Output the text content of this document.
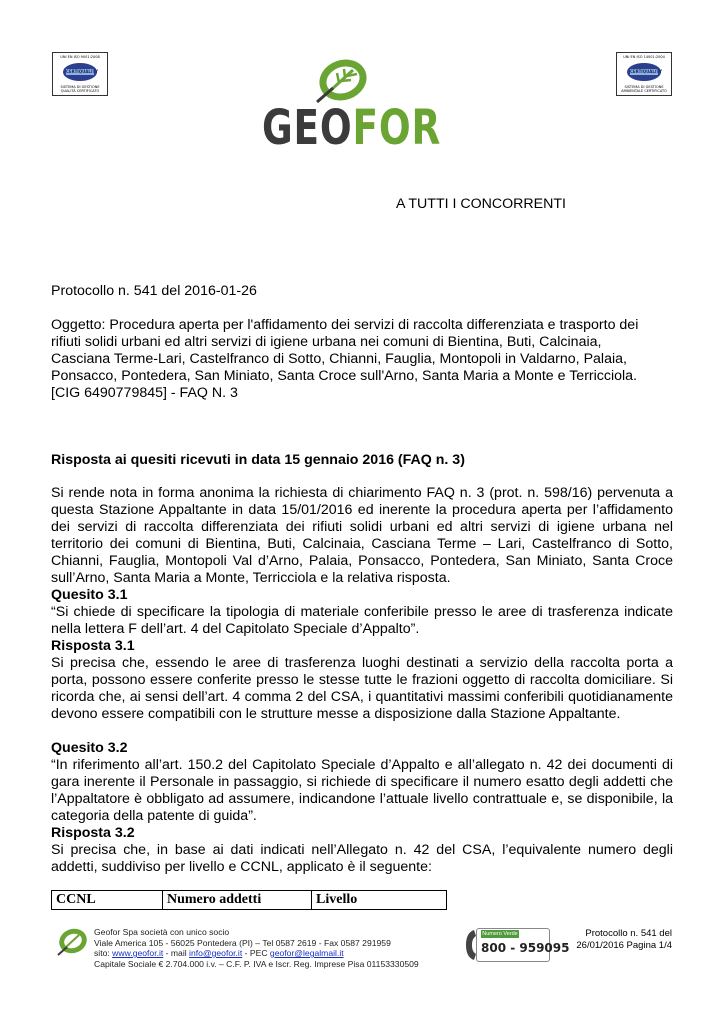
UNI EN ISO 9001:2008
CERTIQUALITY
SISTEMA DI GESTIONE QUALITÀ CERTIFICATO
UNI EN ISO 14001:2004
CERTIQUALITY
SISTEMA DI GESTIONE AMBIENTALE CERTIFICATO
GEOFOR
A TUTTI I CONCORRENTI
Protocollo n. 541 del 2016-01-26
Oggetto: Procedura aperta per l'affidamento dei servizi di raccolta differenziata e trasporto dei
rifiuti solidi urbani ed altri servizi di igiene urbana nei comuni di Bientina, Buti, Calcinaia,
Casciana Terme-Lari, Castelfranco di Sotto, Chianni, Fauglia, Montopoli in Valdarno, Palaia,
Ponsacco, Pontedera, San Miniato, Santa Croce sull'Arno, Santa Maria a Monte e Terricciola.
[CIG 6490779845] - FAQ N. 3
Risposta ai quesiti ricevuti in data 15 gennaio 2016 (FAQ n. 3)
Si rende nota in forma anonima la richiesta di chiarimento FAQ n. 3 (prot. n. 598/16) pervenuta a questa Stazione Appaltante in data 15/01/2016 ed inerente la procedura aperta per l’affidamento dei servizi di raccolta differenziata dei rifiuti solidi urbani ed altri servizi di igiene urbana nel territorio dei comuni di Bientina, Buti, Calcinaia, Casciana Terme – Lari, Castelfranco di Sotto, Chianni, Fauglia, Montopoli Val d’Arno, Palaia, Ponsacco, Pontedera, San Miniato, Santa Croce sull’Arno, Santa Maria a Monte, Terricciola e la relativa risposta.
Quesito 3.1
“Si chiede di specificare la tipologia di materiale conferibile presso le aree di trasferenza indicate nella lettera F dell’art. 4 del Capitolato Speciale d’Appalto”.
Risposta 3.1
Si precisa che, essendo le aree di trasferenza luoghi destinati a servizio della raccolta porta a porta, possono essere conferite presso le stesse tutte le frazioni oggetto di raccolta domiciliare. Si ricorda che, ai sensi dell’art. 4 comma 2 del CSA, i quantitativi massimi conferibili quotidianamente devono essere compatibili con le strutture messe a disposizione dalla Stazione Appaltante.
Quesito 3.2
“In riferimento all’art. 150.2 del Capitolato Speciale d’Appalto e all’allegato n. 42 dei documenti di gara inerente il Personale in passaggio, si richiede di specificare il numero esatto degli addetti che l’Appaltatore è obbligato ad assumere, indicandone l’attuale livello contrattuale e, se disponibile, la categoria della patente di guida”.
Risposta 3.2
Si precisa che, in base ai dati indicati nell’Allegato n. 42 del CSA, l’equivalente numero degli addetti, suddiviso per livello e CCNL, applicato è il seguente:
CCNL	Numero addetti	Livello
Geofor Spa società con unico socio
Viale America 105 - 56025 Pontedera (PI) – Tel 0587 2619 - Fax 0587 291959
sito: www.geofor.it - mail info@geofor.it - PEC geofor@legalmail.it
Capitale Sociale € 2.704.000 i.v. – C.F. P. IVA e Iscr. Reg. Imprese Pisa 01153330509
Numero Verde
800 - 959095
Protocollo n. 541 del
26/01/2016 Pagina 1/4
